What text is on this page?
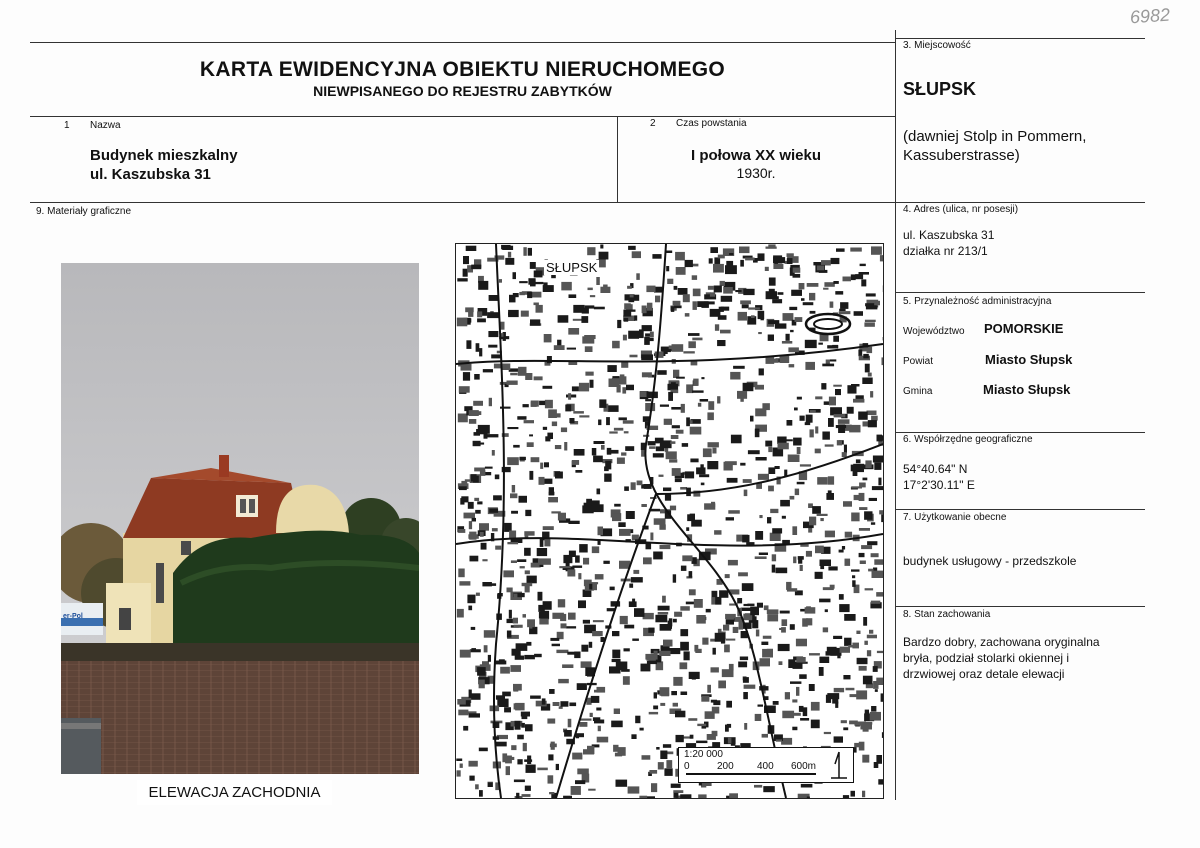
6982
KARTA EWIDENCYJNA OBIEKTU NIERUCHOMEGO
NIEWPISANEGO DO REJESTRU ZABYTKÓW
1 Nazwa
Budynek mieszkalny
ul. Kaszubska 31
2 Czas powstania
I połowa XX wieku
1930r.
3. Miejscowość
SŁUPSK
(dawniej Stolp in Pommern,
Kassuberstrasse)
9. Materiały graficzne	4. Adres (ulica, nr posesji)
ul. Kaszubska 31
działka nr 213/1
5. Przynależność administracyjna
Województwo POMORSKIE
Powiat	Miasto Słupsk
Gmina	Miasto Słupsk
6. Współrzędne geograficzne
54°40.64" N
17°2'30.11" E
7. Użytkowanie obecne
budynek usługowy - przedszkole
8. Stan zachowania
Bardzo dobry, zachowana oryginalna
bryła, podział stolarki okiennej i
drzwiowej oraz detale elewacji
er-Pol
ELEWACJA ZACHODNIA
SŁUPSK
1:20 000
0	200 400 600m
